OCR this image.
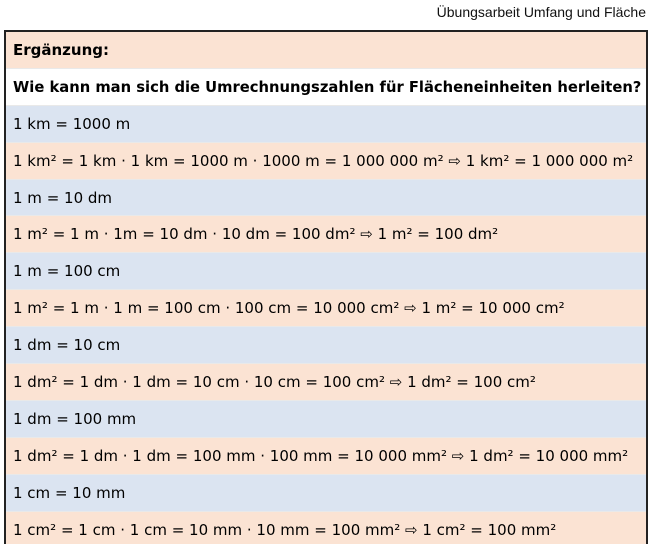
Übungsarbeit Umfang und Fläche
Ergänzung:
Wie kann man sich die Umrechnungszahlen für Flächeneinheiten herleiten?
1 km = 1000 m
1 km² = 1 km · 1 km = 1000 m · 1000 m = 1 000 000 m² ⇨ 1 km² = 1 000 000 m²
1 m = 10 dm
1 m² = 1 m · 1m = 10 dm · 10 dm = 100 dm² ⇨ 1 m² = 100 dm²
1 m = 100 cm
1 m² = 1 m · 1 m = 100 cm · 100 cm = 10 000 cm² ⇨ 1 m² = 10 000 cm²
1 dm = 10 cm
1 dm² = 1 dm · 1 dm = 10 cm · 10 cm = 100 cm² ⇨ 1 dm² = 100 cm²
1 dm = 100 mm
1 dm² = 1 dm · 1 dm = 100 mm · 100 mm = 10 000 mm² ⇨ 1 dm² = 10 000 mm²
1 cm = 10 mm
1 cm² = 1 cm · 1 cm = 10 mm · 10 mm = 100 mm² ⇨ 1 cm² = 100 mm²
